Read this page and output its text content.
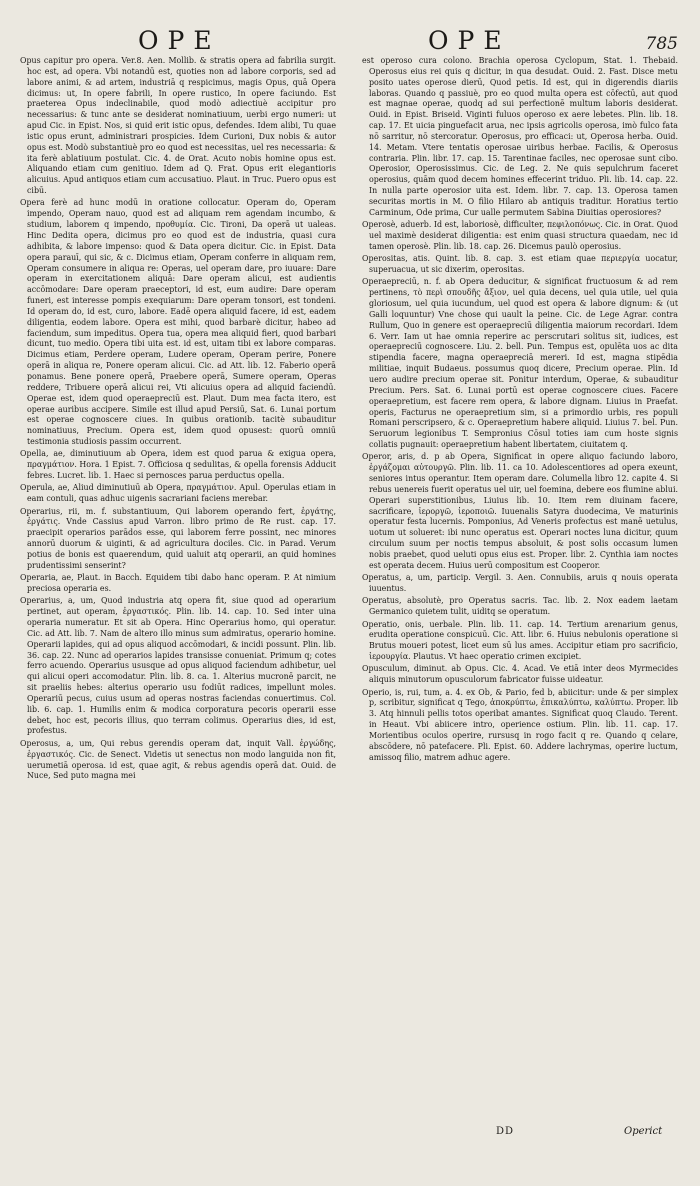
OPE	OPE	785

Opus capitur pro opera. Ver.8. Aen. Mollib. & stratis opera ad fabrilia surgit. hoc est, ad opera. Vbi notandū est, quoties non ad labore corporis, sed ad labore animi, & ad artem, industriā q respicimus, magis Opus, quā Opera dicimus: ut, In opere fabrili, In opere rustico, In opere faciundo. Est praeterea Opus indeclinabile, quod modò adiectiuè accipitur pro necessarius: & tunc ante se desiderat nominatiuum, uerbi ergo numeri: ut apud Cic. in Epist. Nos, si quid erit istic opus, defendes. Idem alibi, Tu quae istic opus erunt, administrari prospicies. Idem Curioni, Dux nobis & autor opus est. Modò substantiuè pro eo quod est necessitas, uel res necessaria: & ita ferè ablatiuum postulat. Cic. 4. de Orat. Acuto nobis homine opus est. Aliquando etiam cum genitiuo. Idem ad Q. Frat. Opus erit elegantioris alicuius. Apud antiquos etiam cum accusatiuo. Plaut. in Truc. Puero opus est cibū.

Opera ferè ad hunc modū in oratione collocatur. Operam do, Operam impendo, Operam nauo, quod est ad aliquam rem agendam incumbo, & studium, laborem q impendo, προθυμία. Cic. Tironi, Da operā ut ualeas. Hinc Dedita opera, dicimus pro eo quod est de industria, quasi cura adhibita, & labore impenso: quod & Data opera dicitur. Cic. in Epist. Data opera parauī, qui sic, & c. Dicimus etiam, Operam conferre in aliquam rem, Operam consumere in aliqua re: Operas, uel operam dare, pro iuuare: Dare operam in exercitationem aliquā: Dare operam alicui, est audientis accōmodare: Dare operam praeceptori, id est, eum audire: Dare operam funeri, est interesse pompis exequiarum: Dare operam tonsori, est tondeni. Id operam do, id est, curo, labore. Eadē opera aliquid facere, id est, eadem diligentia, eodem labore. Opera est mihi, quod barbarè dicitur, habeo ad faciendum, sum impeditus. Opera tua, opera mea aliquid fieri, quod barbari dicunt, tuo medio. Opera tibi uita est. id est, uitam tibi ex labore comparas. Dicimus etiam, Perdere operam, Ludere operam, Operam perire, Ponere operā in aliqua re, Ponere operam alicui. Cic. ad Att. lib. 12. Faberio operā ponamus. Bene ponere operā, Praebere operā, Sumere operam, Operas reddere, Tribuere operā alicui rei, Vti alicuius opera ad aliquid faciendū. Operae est, idem quod operaepreciū est. Plaut. Dum mea facta itero, est operae auribus accipere. Simile est illud apud Persiū, Sat. 6. Lunai portum est operae cognoscere ciues. In quibus orationib. tacitè subauditur nominatiuus, Precium. Opera est, idem quod opusest: quorū omniū testimonia studiosis passim occurrent.

Opella, ae, diminutiuum ab Opera, idem est quod parua & exigua opera, πραγμάτιον. Hora. 1 Epist. 7. Officiosa q sedulitas, & opella forensis Adducit febres. Lucret. lib. 1. Haec si pernosces parua perductus opella.

Operula, ae, Aliud diminutiuū ab Opera, πραγμάτιον. Apul. Operulas etiam in eam contuli, quas adhuc uigenis sacrariani faciens merebar.

Operarius, rii, m. f. substantiuum, Qui laborem operando fert, ἐργάτης, ἐργάτις. Vnde Cassius apud Varron. libro primo de Re rust. cap. 17. praecipit operarios parādos esse, qui laborem ferre possint, nec minores annorū duorum & uiginti, & ad agricultura dociles. Cic. in Parad. Verum potius de bonis est quaerendum, quid ualuit atq operarii, an quid homines prudentissimi senserint?

Operaria, ae, Plaut. in Bacch. Equidem tibi dabo hanc operam. P. At nimium preciosa operaria es.

Operarius, a, um, Quod industria atq opera fit, siue quod ad operarium pertinet, aut operam, ἐργαστικός. Plin. lib. 14. cap. 10. Sed inter uina operaria numeratur. Et sit ab Opera. Hinc Operarius homo, qui operatur. Cic. ad Att. lib. 7. Nam de altero illo minus sum admiratus, operario homine. Operarii lapides, qui ad opus aliquod accōmodari, & incidi possunt. Plin. lib. 36. cap. 22. Nunc ad operarios lapides transisse conueniat. Primum q; cotes ferro acuendo. Operarius ususque ad opus aliquod faciendum adhibetur, uel qui alicui operi accomodatur. Plin. lib. 8. ca. 1. Alterius mucronē parcit, ne sit praeliis hebes: alterius operario usu fodiūt radices, impellunt moles. Operariū pecus, cuius usum ad operas nostras faciendas conuertimus. Col. lib. 6. cap. 1. Humilis enim & modica corporatura pecoris operarii esse debet, hoc est, pecoris illius, quo terram colimus. Operarius dies, id est, profestus.

Operosus, a, um, Qui rebus gerendis operam dat, inquit Vall. ἐργώδης, ἐργαστικός. Cic. de Senect. Videtis ut senectus non modo languida non fit, uerumetiā operosa. id est, quae agit, & rebus agendis operā dat. Ouid. de Nuce, Sed puto magna mei

est operoso cura colono. Brachia operosa Cyclopum, Stat. 1. Thebaid. Operosus eius rei quis q dicitur, in qua desudat. Ouid. 2. Fast. Disce metu posito uates operose dierū, Quod petis. Id est, qui in digerendis diariis laboras. Quando q passiuè, pro eo quod multa opera est cōfectū, aut quod est magnae operae, quodq ad sui perfectionē multum laboris desiderat. Ouid. in Epist. Briseid. Viginti fuluos operoso ex aere lebetes. Plin. lib. 18. cap. 17. Et uicia pinguefacit arua, nec ipsis agricolis operosa, imò fulco fata nō sarritur, nō stercoratur. Operosus, pro efficaci: ut, Operosa herba. Ouid. 14. Metam. Vtere tentatis operosae uiribus herbae. Facilis, & Operosus contraria. Plin. libr. 17. cap. 15. Tarentinae faciles, nec operosae sunt cibo. Operosior, Operosissimus. Cic. de Leg. 2. Ne quis sepulchrum faceret operosius, quām quod decem homines effecerint triduo. Pli. lib. 14. cap. 22. In nulla parte operosior uita est. Idem. libr. 7. cap. 13. Operosa tamen securitas mortis in M. O filio Hilaro ab antiquis traditur. Horatius tertio Carminum, Ode prima, Cur ualle permutem Sabina Diuitias operosiores?

Operosè, aduerb. Id est, laboriosè, difficulter, πεφιλοπόνως. Cic. in Orat. Quod uel maximè desiderat diligentia: est enim quasi structura quaedam, nec id tamen operosè. Plin. lib. 18. cap. 26. Dicemus paulò operosius.

Operositas, atis. Quint. lib. 8. cap. 3. est etiam quae περιεργία uocatur, superuacua, ut sic dixerim, operositas.

Operaepreciū, n. f. ab Opera deducitur, & significat fructuosum & ad rem pertinens, τὸ περὶ σπουδῆς ἄξιον, uel quia decens, uel quia utile, uel quia gloriosum, uel quia iucundum, uel quod est opera & labore dignum: & (ut Galli loquuntur) Vne chose qui uault la peine. Cic. de Lege Agrar. contra Rullum, Quo in genere est operaepreciū diligentia maiorum recordari. Idem 6. Verr. Iam ut hae omnia reperire ac perscrutari solitus sit, iudices, est operaepreciū cognoscere. Liu. 2. bell. Pun. Tempus est, opulēta uos ac dita stipendia facere, magna operaepreciā mereri. Id est, magna stipēdia militiae, inquit Budaeus. possumus quoq dicere, Precium operae. Plin. Id uero audire precium operae sit. Ponitur interdum, Operae, & subauditur Precium. Pers. Sat. 6. Lunai portū est operae cognoscere ciues. Facere operaepretium, est facere rem opera, & labore dignam. Liuius in Praefat. operis, Facturus ne operaepretium sim, si a primordio urbis, res populi Romani perscripsero, & c. Operaepretium habere aliquid. Liuius 7. bel. Pun. Seruorum legionibus T. Sempronius Cōsul toties iam cum hoste signis collatis pugnauit: operaepretium habent libertatem, ciuitatem q.

Operor, aris, d. p ab Opera, Significat in opere aliquo faciundo laboro, ἐργάζομαι αὐτουργῶ. Plin. lib. 11. ca 10. Adolescentiores ad opera exeunt, seniores intus operantur. Item operam dare. Columella libro 12. capite 4. Si rebus uenereis fuerit operatus uel uir, uel foemina, debere eos flumine ablui. Operari superstitionibus, Liuius lib. 10. Item rem diuinam facere, sacrificare, ἱεροργῶ, ἱεροποιῶ. Iuuenalis Satyra duodecima, Ve maturinis operatur festa lucernis. Pomponius, Ad Veneris profectus est manē uetulus, uotum ut solueret: ibi nunc operatus est. Operari noctes luna dicitur, quum circulum suum per noctis tempus absoluit, & post solis occasum lumen nobis praebet, quod ueluti opus eius est. Proper. libr. 2. Cynthia iam noctes est operata decem. Huius uerū compositum est Cooperor.

Operatus, a, um, particip. Vergil. 3. Aen. Connubiis, aruis q nouis operata iuuentus.

Operatus, absolutè, pro Operatus sacris. Tac. lib. 2. Nox eadem laetam Germanico quietem tulit, uiditq se operatum.

Operatio, onis, uerbale. Plin. lib. 11. cap. 14. Tertium arenarium genus, erudita operatione conspicuū. Cic. Att. libr. 6. Huius nebulonis operatione si Brutus moueri potest, licet eum sū lus ames. Accipitur etiam pro sacrificio, ἱερουργία. Plautus. Vt haec operatio crimen excipiet.

Opusculum, diminut. ab Opus. Cic. 4. Acad. Ve etiā inter deos Myrmecides aliquis minutorum opusculorum fabricator fuisse uideatur.

Operio, is, rui, tum, a. 4. ex Ob, & Pario, fed b, abiicitur: unde & per simplex p, scribitur, significat q Tego, ἀποκρύπτω, ἐπικαλύπτω, καλύπτω. Proper. lib 3. Atq hinnuli pellis totos operibat amantes. Significat quoq Claudo. Terent. in Heaut. Vbi abiicere intro, operience ostium. Plin. lib. 11. cap. 17. Morientibus oculos operire, rursusq in rogo facit q re. Quando q celare, abscōdere, nō patefacere. Pli. Epist. 60. Addere lachrymas, operire luctum, amissoq filio, matrem adhuc agere.

DD	Operict
